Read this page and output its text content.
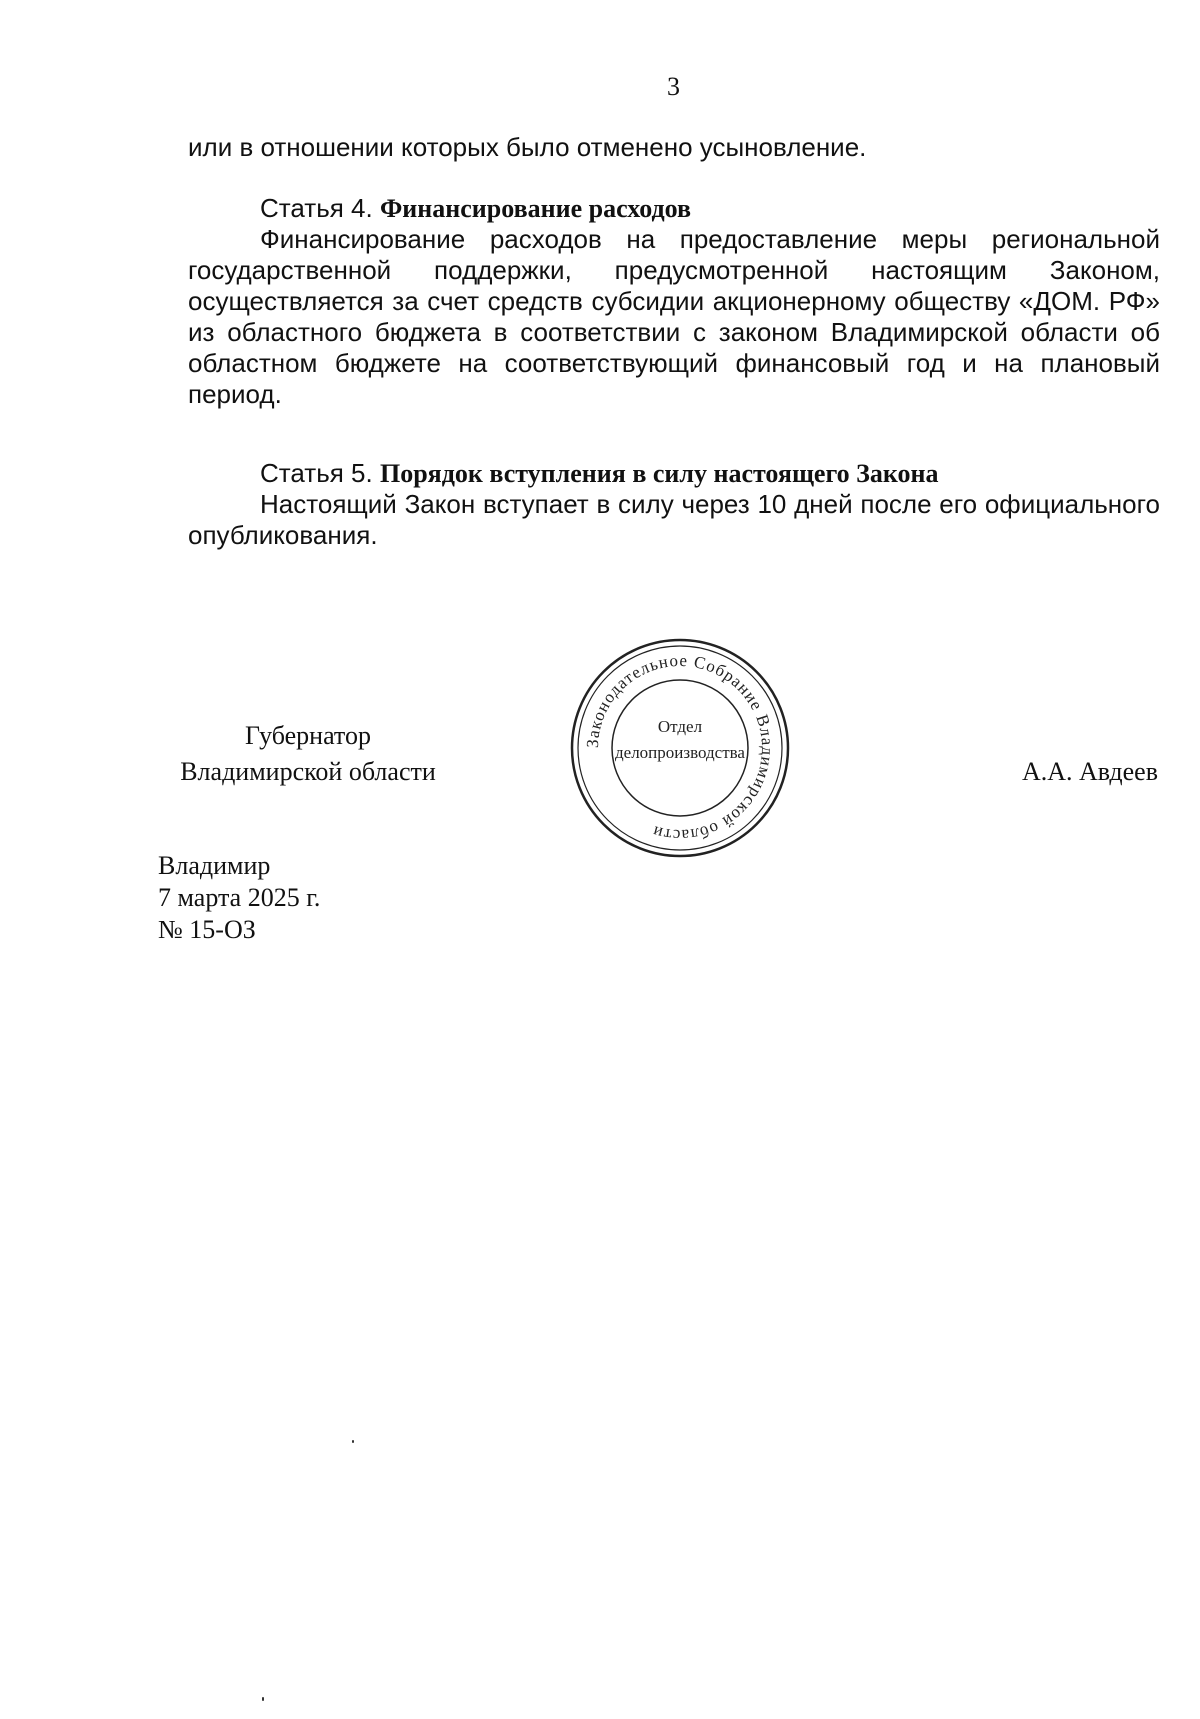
3

или в отношении которых было отменено усыновление.

Статья 4. Финансирование расходов

Финансирование расходов на предоставление меры региональной государственной поддержки, предусмотренной настоящим Законом, осуществляется за счет средств субсидии акционерному обществу «ДОМ. РФ» из областного бюджета в соответствии с законом Владимирской области об областном бюджете на соответствующий финансовый год и на плановый период.

Статья 5. Порядок вступления в силу настоящего Закона

Настоящий Закон вступает в силу через 10 дней после его официального опубликования.

Губернатор
Владимирской области
Законодательное Собрание Владимирской области
Отдел
делопроизводства
А.А. Авдеев
Владимир
7 марта 2025 г.
№ 15-ОЗ
